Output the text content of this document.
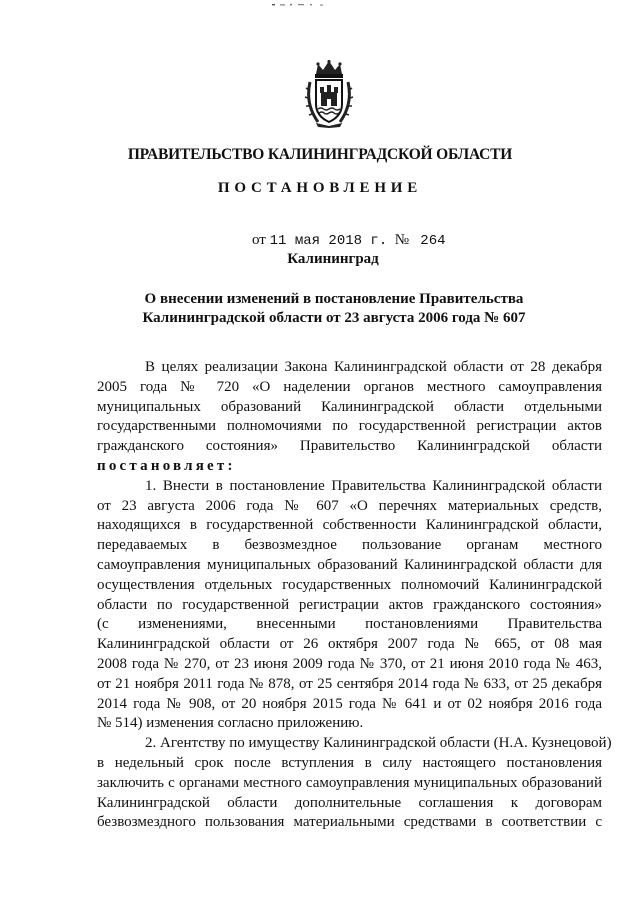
ПРАВИТЕЛЬСТВО КАЛИНИНГРАДСКОЙ ОБЛАСТИ
ПОСТАНОВЛЕНИЕ
от 11 мая 2018 г. № 264
Калининград
О внесении изменений в постановление Правительства
Калининградской области от 23 августа 2006 года № 607
В целях реализации Закона Калининградской области от 28 декабря
2005 года № 720 «О наделении органов местного самоуправления
муниципальных образований Калининградской области отдельными
государственными полномочиями по государственной регистрации актов
гражданского состояния» Правительство Калининградской области
постановляет:
1. Внести в постановление Правительства Калининградской области
от 23 августа 2006 года № 607 «О перечнях материальных средств,
находящихся в государственной собственности Калининградской области,
передаваемых в безвозмездное пользование органам местного
самоуправления муниципальных образований Калининградской области для
осуществления отдельных государственных полномочий Калининградской
области по государственной регистрации актов гражданского состояния»
(с изменениями, внесенными постановлениями Правительства
Калининградской области от 26 октября 2007 года № 665, от 08 мая
2008 года № 270, от 23 июня 2009 года № 370, от 21 июня 2010 года № 463,
от 21 ноября 2011 года № 878, от 25 сентября 2014 года № 633, от 25 декабря
2014 года № 908, от 20 ноября 2015 года № 641 и от 02 ноября 2016 года
№ 514) изменения согласно приложению.
2. Агентству по имуществу Калининградской области (Н.А. Кузнецовой)
в недельный срок после вступления в силу настоящего постановления
заключить с органами местного самоуправления муниципальных образований
Калининградской области дополнительные соглашения к договорам
безвозмездного пользования материальными средствами в соответствии с
